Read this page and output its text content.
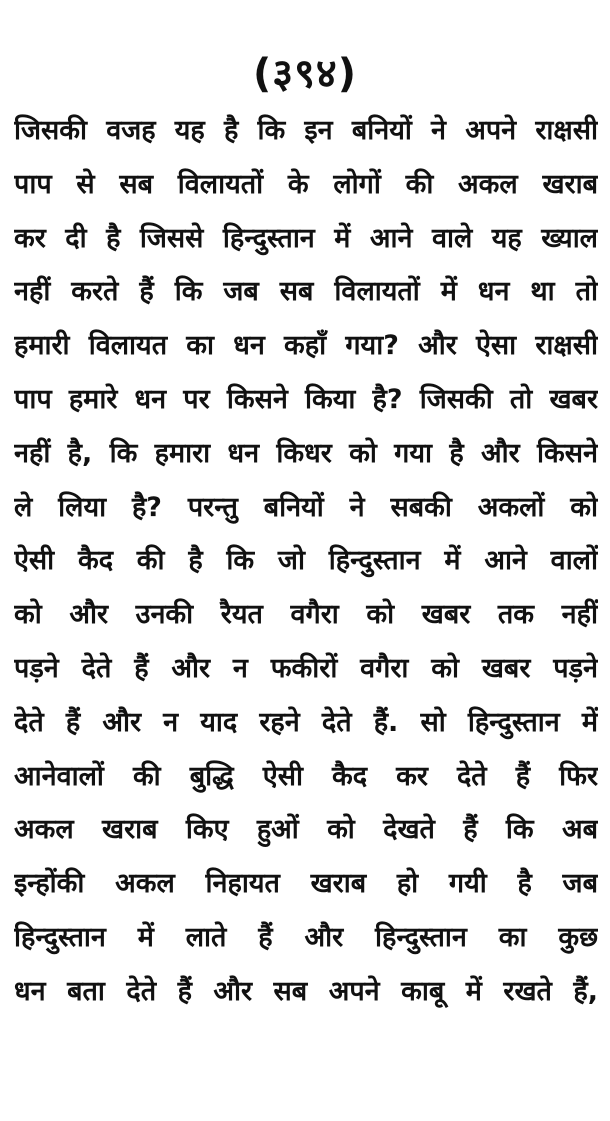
(३९४)
जिसकी वजह यह है कि इन बनियों ने अपने राक्षसी
पाप से सब विलायतों के लोगों की अकल खराब
कर दी है जिससे हिन्दुस्तान में आने वाले यह ख्याल
नहीं करते हैं कि जब सब विलायतों में धन था तो
हमारी विलायत का धन कहाँ गया? और ऐसा राक्षसी
पाप हमारे धन पर किसने किया है? जिसकी तो खबर
नहीं है, कि हमारा धन किधर को गया है और किसने
ले लिया है? परन्तु बनियों ने सबकी अकलों को
ऐसी कैद की है कि जो हिन्दुस्तान में आने वालों
को और उनकी रैयत वगैरा को खबर तक नहीं
पड़ने देते हैं और न फकीरों वगैरा को खबर पड़ने
देते हैं और न याद रहने देते हैं. सो हिन्दुस्तान में
आनेवालों की बुद्धि ऐसी कैद कर देते हैं फिर
अकल खराब किए हुओं को देखते हैं कि अब
इन्होंकी अकल निहायत खराब हो गयी है जब
हिन्दुस्तान में लाते हैं और हिन्दुस्तान का कुछ
धन बता देते हैं और सब अपने काबू में रखते हैं,
